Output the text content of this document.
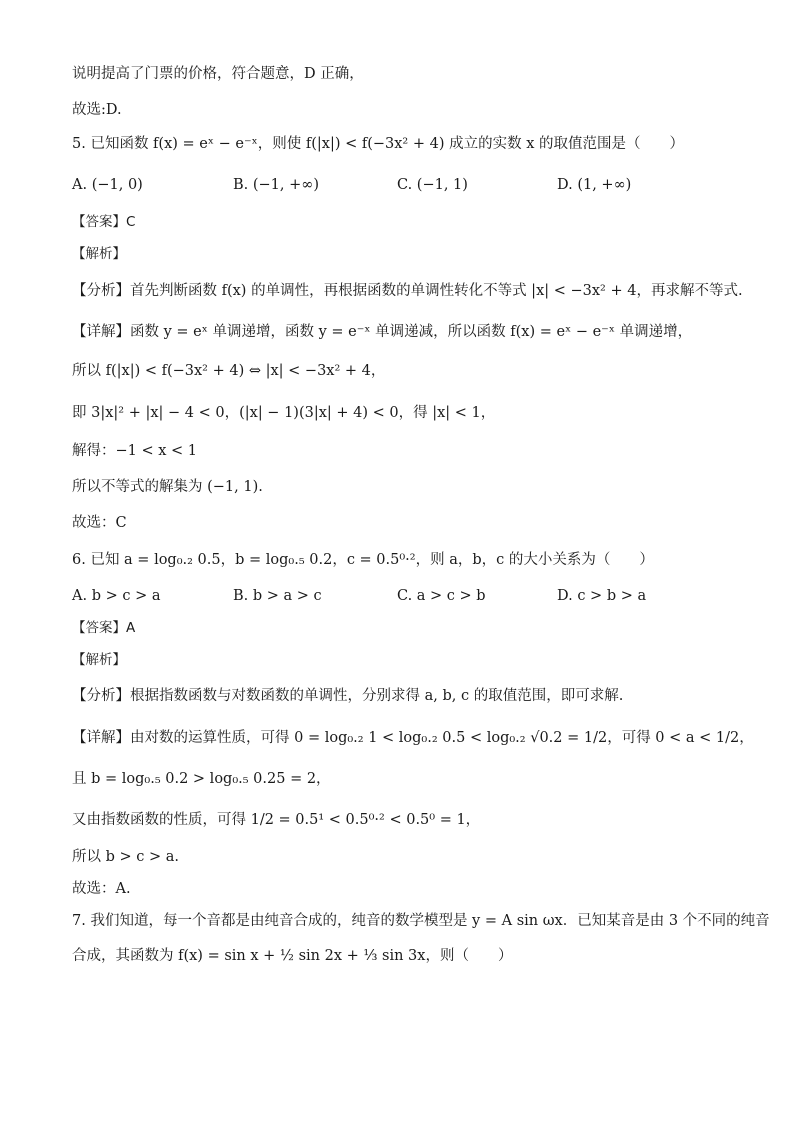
说明提高了门票的价格，符合题意，D 正确，
故选:D.
5. 已知函数 f(x) = eˣ − e⁻ˣ，则使 f(|x|) < f(−3x² + 4) 成立的实数 x 的取值范围是（　　）
A. (−1, 0)	B. (−1, +∞)	C. (−1, 1)	D. (1, +∞)
【答案】C
【解析】
【分析】首先判断函数 f(x) 的单调性，再根据函数的单调性转化不等式 |x| < −3x² + 4，再求解不等式.
【详解】函数 y = eˣ 单调递增，函数 y = e⁻ˣ 单调递减，所以函数 f(x) = eˣ − e⁻ˣ 单调递增，
所以 f(|x|) < f(−3x² + 4) ⇔ |x| < −3x² + 4，
即 3|x|² + |x| − 4 < 0，(|x| − 1)(3|x| + 4) < 0，得 |x| < 1，
解得：−1 < x < 1
所以不等式的解集为 (−1, 1).
故选：C
6. 已知 a = log₀.₂ 0.5，b = log₀.₅ 0.2，c = 0.5⁰·²，则 a，b，c 的大小关系为（　　）
A. b > c > a	B. b > a > c	C. a > c > b	D. c > b > a
【答案】A
【解析】
【分析】根据指数函数与对数函数的单调性，分别求得 a, b, c 的取值范围，即可求解.
【详解】由对数的运算性质，可得 0 = log₀.₂ 1 < log₀.₂ 0.5 < log₀.₂ √0.2 = 1/2，可得 0 < a < 1/2，
且 b = log₀.₅ 0.2 > log₀.₅ 0.25 = 2，
又由指数函数的性质，可得 1/2 = 0.5¹ < 0.5⁰·² < 0.5⁰ = 1，
所以 b > c > a.
故选：A.
7. 我们知道，每一个音都是由纯音合成的，纯音的数学模型是 y = A sin ωx．已知某音是由 3 个不同的纯音
合成，其函数为 f(x) = sin x + ½ sin 2x + ⅓ sin 3x，则（　　）
